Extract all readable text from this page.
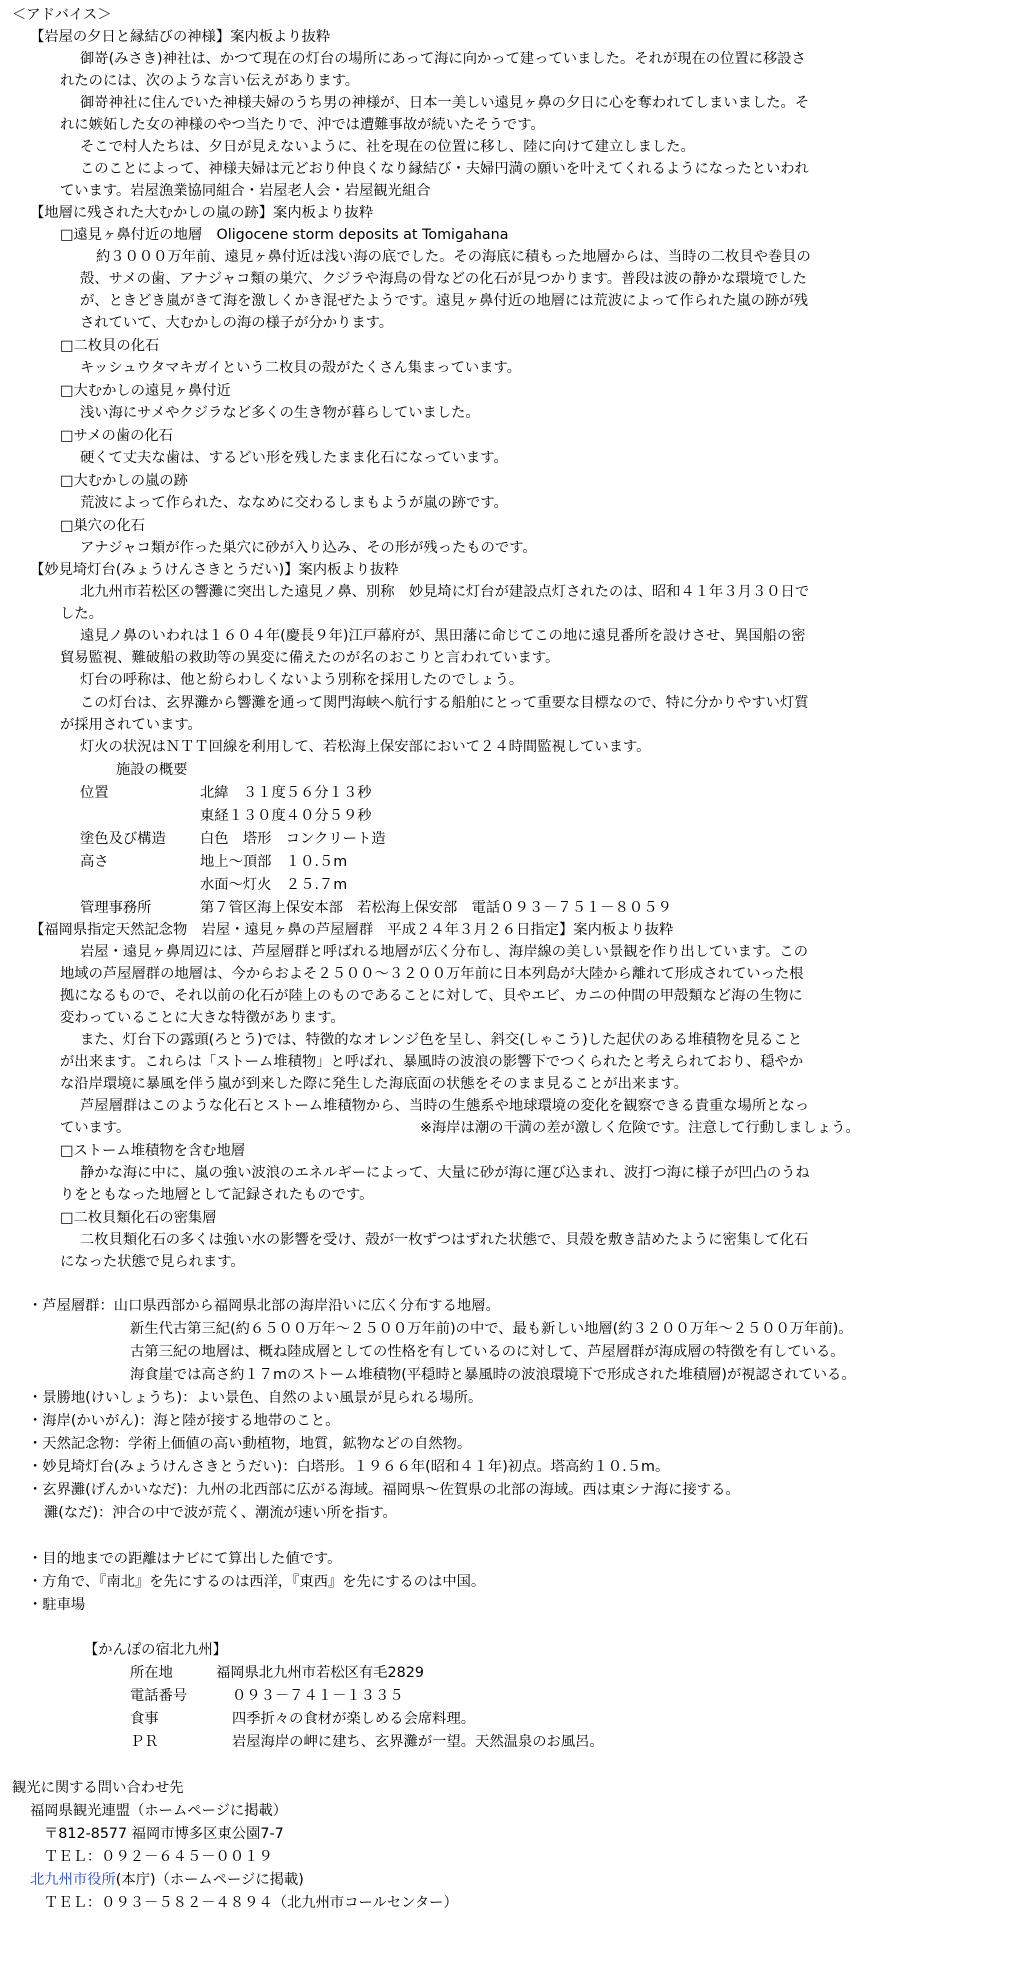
＜アドバイス＞
【岩屋の夕日と縁結びの神様】案内板より抜粋
御嵜(みさき)神社は、かつて現在の灯台の場所にあって海に向かって建っていました。それが現在の位置に移設さ
れたのには、次のような言い伝えがあります。
御嵜神社に住んでいた神様夫婦のうち男の神様が、日本一美しい遠見ヶ鼻の夕日に心を奪われてしまいました。そ
れに嫉妬した女の神様のやつ当たりで、沖では遭難事故が続いたそうです。
そこで村人たちは、夕日が見えないように、社を現在の位置に移し、陸に向けて建立しました。
このことによって、神様夫婦は元どおり仲良くなり縁結び・夫婦円満の願いを叶えてくれるようになったといわれ
ています。岩屋漁業協同組合・岩屋老人会・岩屋観光組合
【地層に残された大むかしの嵐の跡】案内板より抜粋
□遠見ヶ鼻付近の地層　Oligocene storm deposits at Tomigahana
約３０００万年前、遠見ヶ鼻付近は浅い海の底でした。その海底に積もった地層からは、当時の二枚貝や巻貝の
殻、サメの歯、アナジャコ類の巣穴、クジラや海鳥の骨などの化石が見つかります。普段は波の静かな環境でした
が、ときどき嵐がきて海を激しくかき混ぜたようです。遠見ヶ鼻付近の地層には荒波によって作られた嵐の跡が残
されていて、大むかしの海の様子が分かります。
□二枚貝の化石
キッシュウタマキガイという二枚貝の殻がたくさん集まっています。
□大むかしの遠見ヶ鼻付近
浅い海にサメやクジラなど多くの生き物が暮らしていました。
□サメの歯の化石
硬くて丈夫な歯は、するどい形を残したまま化石になっています。
□大むかしの嵐の跡
荒波によって作られた、ななめに交わるしまもようが嵐の跡です。
□巣穴の化石
アナジャコ類が作った巣穴に砂が入り込み、その形が残ったものです。
【妙見埼灯台(みょうけんさきとうだい)】案内板より抜粋
北九州市若松区の響灘に突出した遠見ノ鼻、別称　妙見埼に灯台が建設点灯されたのは、昭和４１年３月３０日で
した。
遠見ノ鼻のいわれは１６０４年(慶長９年)江戸幕府が、黒田藩に命じてこの地に遠見番所を設けさせ、異国船の密
貿易監視、難破船の救助等の異変に備えたのが名のおこりと言われています。
灯台の呼称は、他と紛らわしくないよう別称を採用したのでしょう。
この灯台は、玄界灘から響灘を通って関門海峡へ航行する船舶にとって重要な目標なので、特に分かりやすい灯質
が採用されています。
灯火の状況はＮＴＴ回線を利用して、若松海上保安部において２４時間監視しています。
施設の概要
位置	北緯　３１度５６分１３秒
東経１３０度４０分５９秒
塗色及び構造 白色　塔形　コンクリート造
高さ	地上～頂部　１０.５m
水面～灯火　２５.７m
管理事務所	第７管区海上保安本部　若松海上保安部　電話０９３－７５１－８０５９
【福岡県指定天然記念物　岩屋・遠見ヶ鼻の芦屋層群　平成２４年３月２６日指定】案内板より抜粋
岩屋・遠見ヶ鼻周辺には、芦屋層群と呼ばれる地層が広く分布し、海岸線の美しい景観を作り出しています。この
地域の芦屋層群の地層は、今からおよそ２５００～３２００万年前に日本列島が大陸から離れて形成されていった根
拠になるもので、それ以前の化石が陸上のものであることに対して、貝やエビ、カニの仲間の甲殻類など海の生物に
変わっていることに大きな特徴があります。
また、灯台下の露頭(ろとう)では、特徴的なオレンジ色を呈し、斜交(しゃこう)した起伏のある堆積物を見ること
が出来ます。これらは「ストーム堆積物」と呼ばれ、暴風時の波浪の影響下でつくられたと考えられており、穏やか
な沿岸環境に暴風を伴う嵐が到来した際に発生した海底面の状態をそのまま見ることが出来ます。
芦屋層群はこのような化石とストーム堆積物から、当時の生態系や地球環境の変化を観察できる貴重な場所となっ
ています。	※海岸は潮の干満の差が激しく危険です。注意して行動しましょう。
□ストーム堆積物を含む地層
静かな海に中に、嵐の強い波浪のエネルギーによって、大量に砂が海に運び込まれ、波打つ海に様子が凹凸のうね
りをともなった地層として記録されたものです。
□二枚貝類化石の密集層
二枚貝類化石の多くは強い水の影響を受け、殻が一枚ずつはずれた状態で、貝殻を敷き詰めたように密集して化石
になった状態で見られます。
・芦屋層群：山口県西部から福岡県北部の海岸沿いに広く分布する地層。
新生代古第三紀(約６５００万年～２５００万年前)の中で、最も新しい地層(約３２００万年～２５００万年前)。
古第三紀の地層は、概ね陸成層としての性格を有しているのに対して、芦屋層群が海成層の特徴を有している。
海食崖では高さ約１７mのストーム堆積物(平穏時と暴風時の波浪環境下で形成された堆積層)が視認されている。
・景勝地(けいしょうち)：よい景色、自然のよい風景が見られる場所。
・海岸(かいがん)：海と陸が接する地帯のこと。
・天然記念物：学術上価値の高い動植物，地質，鉱物などの自然物。
・妙見埼灯台(みょうけんさきとうだい)：白塔形。１９６６年(昭和４１年)初点。塔高約１０.５m。
・玄界灘(げんかいなだ)：九州の北西部に広がる海域。福岡県～佐賀県の北部の海域。西は東シナ海に接する。
灘(なだ)：沖合の中で波が荒く、潮流が速い所を指す。
・目的地までの距離はナビにて算出した値です。
・方角で、『南北』を先にするのは西洋，『東西』を先にするのは中国。
・駐車場
【かんぽの宿北九州】
所在地	福岡県北九州市若松区有毛2829
電話番号	０９３－７４１－１３３５
食事	四季折々の食材が楽しめる会席料理。
ＰＲ	岩屋海岸の岬に建ち、玄界灘が一望。天然温泉のお風呂。
観光に関する問い合わせ先
福岡県観光連盟（ホームページに掲載）
〒812-8577 福岡市博多区東公園7-7
ＴＥＬ：０９２－６４５－００１９
北九州市役所(本庁)（ホームページに掲載)
ＴＥＬ：０９３－５８２－４８９４（北九州市コールセンター）
